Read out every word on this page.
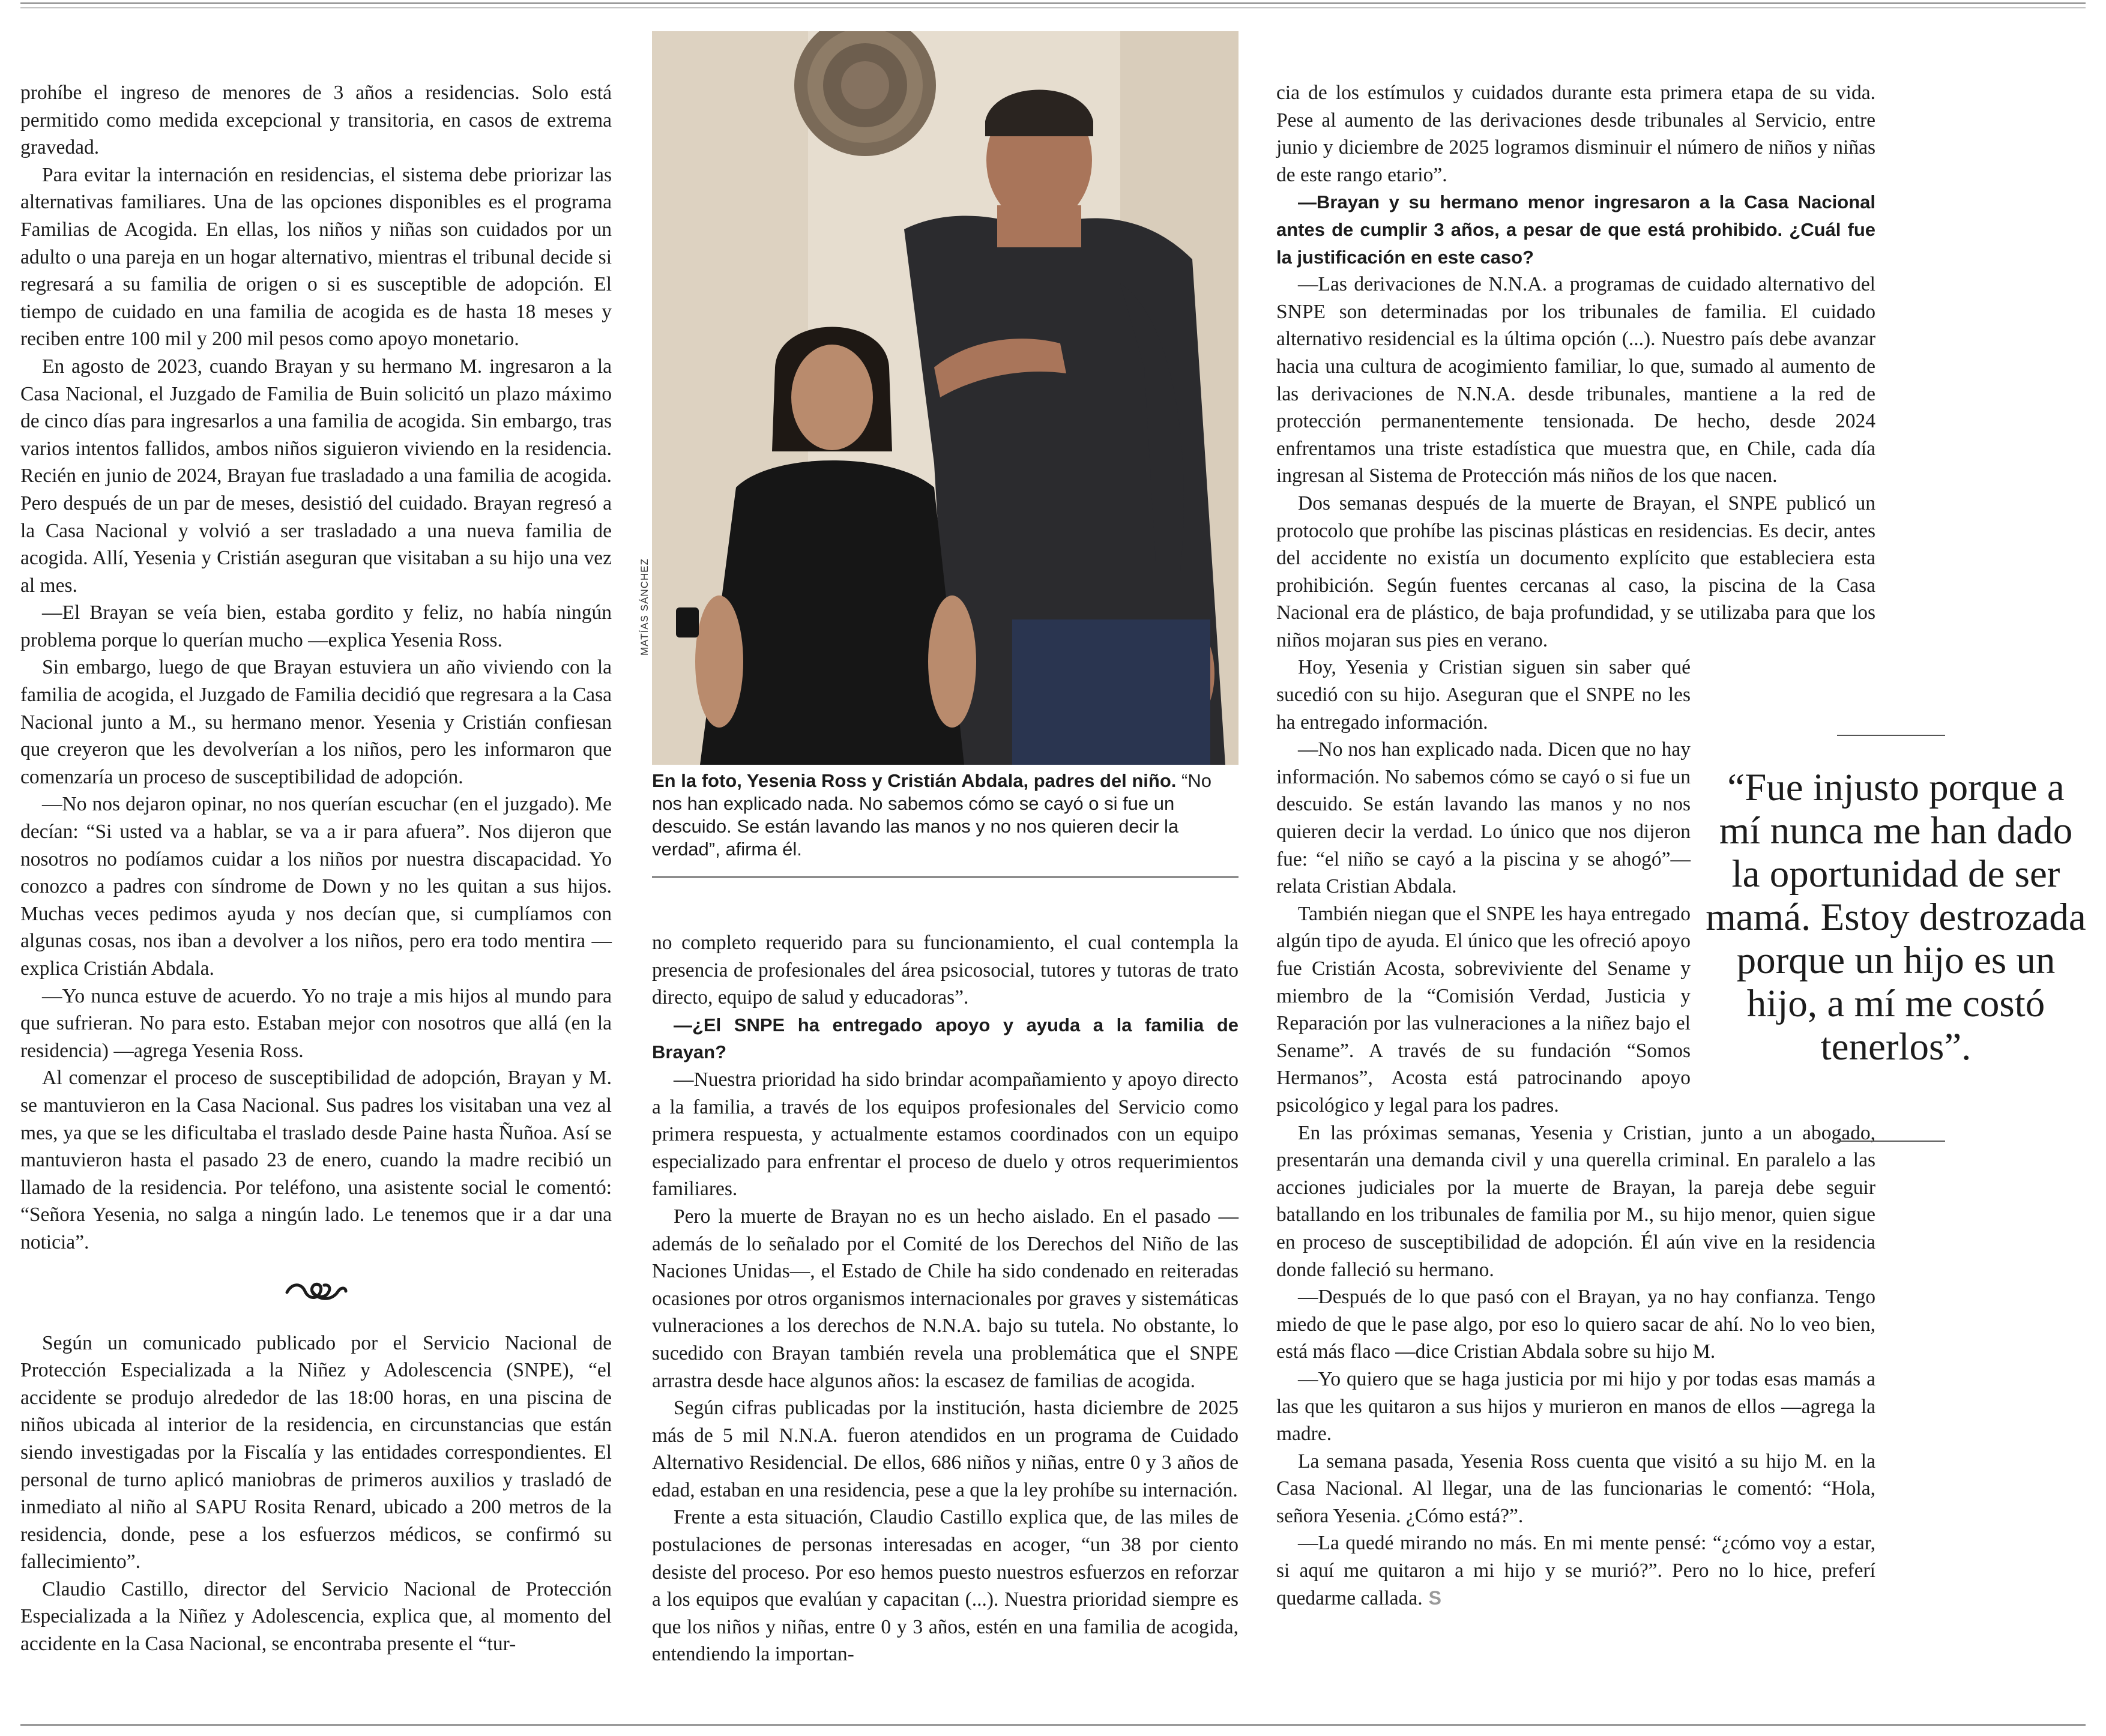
prohíbe el ingreso de menores de 3 años a residencias. Solo está permitido como medida excepcional y transitoria, en casos de extrema gravedad.

Para evitar la internación en residencias, el sistema debe priorizar las alternativas familiares. Una de las opciones disponibles es el programa Familias de Acogida. En ellas, los niños y niñas son cuidados por un adulto o una pareja en un hogar alternativo, mientras el tribunal decide si regresará a su familia de origen o si es susceptible de adopción. El tiempo de cuidado en una familia de acogida es de hasta 18 meses y reciben entre 100 mil y 200 mil pesos como apoyo monetario.

En agosto de 2023, cuando Brayan y su hermano M. ingresaron a la Casa Nacional, el Juzgado de Familia de Buin solicitó un plazo máximo de cinco días para ingresarlos a una familia de acogida. Sin embargo, tras varios intentos fallidos, ambos niños siguieron viviendo en la residencia. Recién en junio de 2024, Brayan fue trasladado a una familia de acogida. Pero después de un par de meses, desistió del cuidado. Brayan regresó a la Casa Nacional y volvió a ser trasladado a una nueva familia de acogida. Allí, Yesenia y Cristián aseguran que visitaban a su hijo una vez al mes.

—El Brayan se veía bien, estaba gordito y feliz, no había ningún problema porque lo querían mucho —explica Yesenia Ross.

Sin embargo, luego de que Brayan estuviera un año viviendo con la familia de acogida, el Juzgado de Familia decidió que regresara a la Casa Nacional junto a M., su hermano menor. Yesenia y Cristián confiesan que creyeron que les devolverían a los niños, pero les informaron que comenzaría un proceso de susceptibilidad de adopción.

—No nos dejaron opinar, no nos querían escuchar (en el juzgado). Me decían: “Si usted va a hablar, se va a ir para afuera”. Nos dijeron que nosotros no podíamos cuidar a los niños por nuestra discapacidad. Yo conozco a padres con síndrome de Down y no les quitan a sus hijos. Muchas veces pedimos ayuda y nos decían que, si cumplíamos con algunas cosas, nos iban a devolver a los niños, pero era todo mentira —explica Cristián Abdala.

—Yo nunca estuve de acuerdo. Yo no traje a mis hijos al mundo para que sufrieran. No para esto. Estaban mejor con nosotros que allá (en la residencia) —agrega Yesenia Ross.

Al comenzar el proceso de susceptibilidad de adopción, Brayan y M. se mantuvieron en la Casa Nacional. Sus padres los visitaban una vez al mes, ya que se les dificultaba el traslado desde Paine hasta Ñuñoa. Así se mantuvieron hasta el pasado 23 de enero, cuando la madre recibió un llamado de la residencia. Por teléfono, una asistente social le comentó: “Señora Yesenia, no salga a ningún lado. Le tenemos que ir a dar una noticia”.

Según un comunicado publicado por el Servicio Nacional de Protección Especializada a la Niñez y Adolescencia (SNPE), “el accidente se produjo alrededor de las 18:00 horas, en una piscina de niños ubicada al interior de la residencia, en circunstancias que están siendo investigadas por la Fiscalía y las entidades correspondientes. El personal de turno aplicó maniobras de primeros auxilios y trasladó de inmediato al niño al SAPU Rosita Renard, ubicado a 200 metros de la residencia, donde, pese a los esfuerzos médicos, se confirmó su fallecimiento”.

Claudio Castillo, director del Servicio Nacional de Protección Especializada a la Niñez y Adolescencia, explica que, al momento del accidente en la Casa Nacional, se encontraba presente el “tur-

MATÍAS SÁNCHEZ
En la foto, Yesenia Ross y Cristián Abdala, padres del niño. “No nos han explicado nada. No sabemos cómo se cayó o si fue un descuido. Se están lavando las manos y no nos quieren decir la verdad”, afirma él.

no completo requerido para su funcionamiento, el cual contempla la presencia de profesionales del área psicosocial, tutores y tutoras de trato directo, equipo de salud y educadoras”.

—¿El SNPE ha entregado apoyo y ayuda a la familia de Brayan?

—Nuestra prioridad ha sido brindar acompañamiento y apoyo directo a la familia, a través de los equipos profesionales del Servicio como primera respuesta, y actualmente estamos coordinados con un equipo especializado para enfrentar el proceso de duelo y otros requerimientos familiares.

Pero la muerte de Brayan no es un hecho aislado. En el pasado —además de lo señalado por el Comité de los Derechos del Niño de las Naciones Unidas—, el Estado de Chile ha sido condenado en reiteradas ocasiones por otros organismos internacionales por graves y sistemáticas vulneraciones a los derechos de N.N.A. bajo su tutela. No obstante, lo sucedido con Brayan también revela una problemática que el SNPE arrastra desde hace algunos años: la escasez de familias de acogida.

Según cifras publicadas por la institución, hasta diciembre de 2025 más de 5 mil N.N.A. fueron atendidos en un programa de Cuidado Alternativo Residencial. De ellos, 686 niños y niñas, entre 0 y 3 años de edad, estaban en una residencia, pese a que la ley prohíbe su internación.

Frente a esta situación, Claudio Castillo explica que, de las miles de postulaciones de personas interesadas en acoger, “un 38 por ciento desiste del proceso. Por eso hemos puesto nuestros esfuerzos en reforzar a los equipos que evalúan y capacitan (...). Nuestra prioridad siempre es que los niños y niñas, entre 0 y 3 años, estén en una familia de acogida, entendiendo la importan-

cia de los estímulos y cuidados durante esta primera etapa de su vida. Pese al aumento de las derivaciones desde tribunales al Servicio, entre junio y diciembre de 2025 logramos disminuir el número de niños y niñas de este rango etario”.

—Brayan y su hermano menor ingresaron a la Casa Nacional antes de cumplir 3 años, a pesar de que está prohibido. ¿Cuál fue la justificación en este caso?

—Las derivaciones de N.N.A. a programas de cuidado alternativo del SNPE son determinadas por los tribunales de familia. El cuidado alternativo residencial es la última opción (...). Nuestro país debe avanzar hacia una cultura de acogimiento familiar, lo que, sumado al aumento de las derivaciones de N.N.A. desde tribunales, mantiene a la red de protección permanentemente tensionada. De hecho, desde 2024 enfrentamos una triste estadística que muestra que, en Chile, cada día ingresan al Sistema de Protección más niños de los que nacen.

Dos semanas después de la muerte de Brayan, el SNPE publicó un protocolo que prohíbe las piscinas plásticas en residencias. Es decir, antes del accidente no existía un documento explícito que estableciera esta prohibición. Según fuentes cercanas al caso, la piscina de la Casa Nacional era de plástico, de baja profundidad, y se utilizaba para que los niños mojaran sus pies en verano.

Hoy, Yesenia y Cristian siguen sin saber qué sucedió con su hijo. Aseguran que el SNPE no les ha entregado información.

—No nos han explicado nada. Dicen que no hay información. No sabemos cómo se cayó o si fue un descuido. Se están lavando las manos y no nos quieren decir la verdad. Lo único que nos dijeron fue: “el niño se cayó a la piscina y se ahogó”—relata Cristian Abdala.

También niegan que el SNPE les haya entregado algún tipo de ayuda. El único que les ofreció apoyo fue Cristián Acosta, sobreviviente del Sename y miembro de la “Comisión Verdad, Justicia y Reparación por las vulneraciones a la niñez bajo el Sename”. A través de su fundación “Somos Hermanos”, Acosta está patrocinando apoyo psicológico y legal para los padres.

En las próximas semanas, Yesenia y Cristian, junto a un abogado, presentarán una demanda civil y una querella criminal. En paralelo a las acciones judiciales por la muerte de Brayan, la pareja debe seguir batallando en los tribunales de familia por M., su hijo menor, quien sigue en proceso de susceptibilidad de adopción. Él aún vive en la residencia donde falleció su hermano.

—Después de lo que pasó con el Brayan, ya no hay confianza. Tengo miedo de que le pase algo, por eso lo quiero sacar de ahí. No lo veo bien, está más flaco —dice Cristian Abdala sobre su hijo M.

—Yo quiero que se haga justicia por mi hijo y por todas esas mamás a las que les quitaron a sus hijos y murieron en manos de ellos —agrega la madre.

La semana pasada, Yesenia Ross cuenta que visitó a su hijo M. en la Casa Nacional. Al llegar, una de las funcionarias le comentó: “Hola, señora Yesenia. ¿Cómo está?”.

—La quedé mirando no más. En mi mente pensé: “¿cómo voy a estar, si aquí me quitaron a mi hijo y se murió?”. Pero no lo hice, preferí quedarme callada. S

“Fue injusto porque a mí nunca me han dado la oportunidad de ser mamá. Estoy destrozada porque un hijo es un hijo, a mí me costó tenerlos”.
